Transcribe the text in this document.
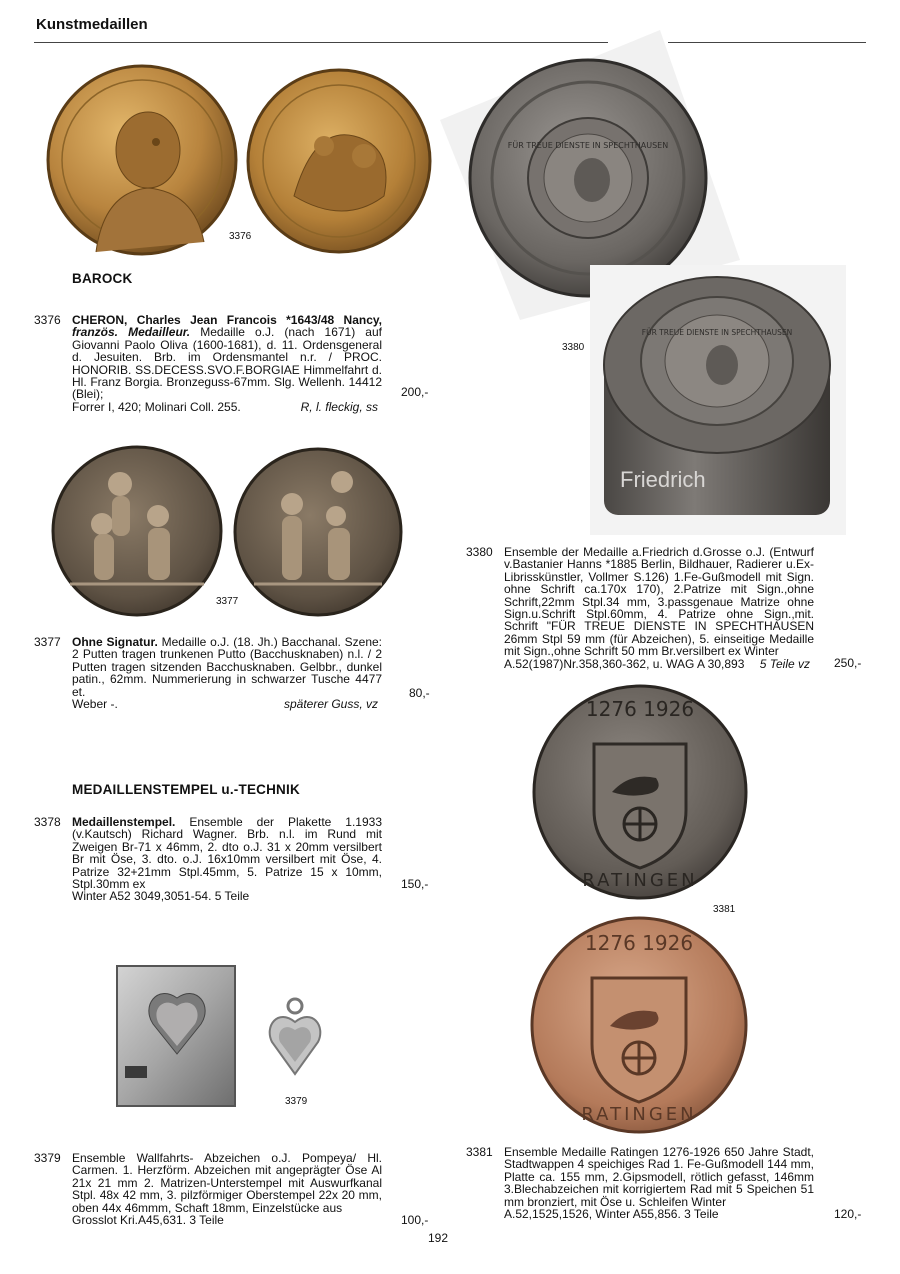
Kunstmedaillen
3376
BAROCK
3376 CHERON, Charles Jean Francois *1643/48 Nancy, französ. Medailleur. Medaille o.J. (nach 1671) auf Giovanni Paolo Oliva (1600-1681), d. 11. Ordensgeneral d. Jesuiten. Brb. im Ordensmantel n.r. / PROC. HONORIB. SS.DECESS.SVO.F.BORGIAE Himmelfahrt d. Hl. Franz Borgia. Bronzeguss-67mm. Slg. Wellenh. 14412 (Blei);
Forrer I, 420; Molinari Coll. 255.	R, l. fleckig, ss
200,-
3377
3377 Ohne Signatur. Medaille o.J. (18. Jh.) Bacchanal. Szene: 2 Putten tragen trunkenen Putto (Bacchusknaben) n.l. / 2 Putten tragen sitzenden Bacchusknaben. Gelbbr., dunkel patin., 62mm. Nummerierung in schwarzer Tusche 4477 et.
Weber -.	späterer Guss, vz
80,-
MEDAILLENSTEMPEL u.-TECHNIK
3378 Medaillenstempel. Ensemble der Plakette 1.1933 (v.Kautsch) Richard Wagner. Brb. n.l. im Rund mit Zweigen Br-71 x 46mm, 2. dto o.J. 31 x 20mm versilbert Br mit Öse, 3. dto. o.J. 16x10mm versilbert mit Öse, 4. Patrize 32+21mm Stpl.45mm, 5. Patrize 15 x 10mm, Stpl.30mm ex
Winter A52 3049,3051-54. 5 Teile
150,-
3379
3379 Ensemble Wallfahrts- Abzeichen o.J. Pompeya/ Hl. Carmen. 1. Herzförm. Abzeichen mit angeprägter Öse Al 21x 21 mm 2. Matrizen-Unterstempel mit Auswurfkanal Stpl. 48x 42 mm, 3. pilzförmiger Oberstempel 22x 20 mm, oben 44x 46mmm, Schaft 18mm, Einzelstücke aus
Grosslot Kri.A45,631. 3 Teile	100,-
FÜR TREUE DIENSTE IN SPECHTHAUSEN
FÜR TREUE DIENSTE IN SPECHTHAUSEN
Friedrich
3380
3380 Ensemble der Medaille a.Friedrich d.Grosse o.J. (Entwurf v.Bastanier Hanns *1885 Berlin, Bildhauer, Radierer u.Ex-Librisskünstler, Vollmer S.126) 1.Fe-Gußmodell mit Sign. ohne Schrift ca.170x 170), 2.Patrize mit Sign.,ohne Schrift,22mm Stpl.34 mm, 3.passgenaue Matrize ohne Sign.u.Schrift Stpl.60mm, 4. Patrize ohne Sign.,mit. Schrift "FÜR TREUE DIENSTE IN SPECHTHAUSEN 26mm Stpl 59 mm (für Abzeichen), 5. einseitige Medaille mit Sign.,ohne Schrift 50 mm Br.versilbert ex Winter
A.52(1987)Nr.358,360-362, u. WAG A 30,893 5 Teile vz 250,-
1276 1926
RATINGEN
3381
1276 1926
RATINGEN
3381 Ensemble Medaille Ratingen 1276-1926 650 Jahre Stadt, Stadtwappen 4 speichiges Rad 1. Fe-Gußmodell 144 mm, Platte ca. 155 mm, 2.Gipsmodell, rötlich gefasst, 146mm 3.Blechabzeichen mit korrigiertem Rad mit 5 Speichen 51 mm bronziert, mit Öse u. Schleifen Winter
A.52,1525,1526, Winter A55,856. 3 Teile	120,-
192
